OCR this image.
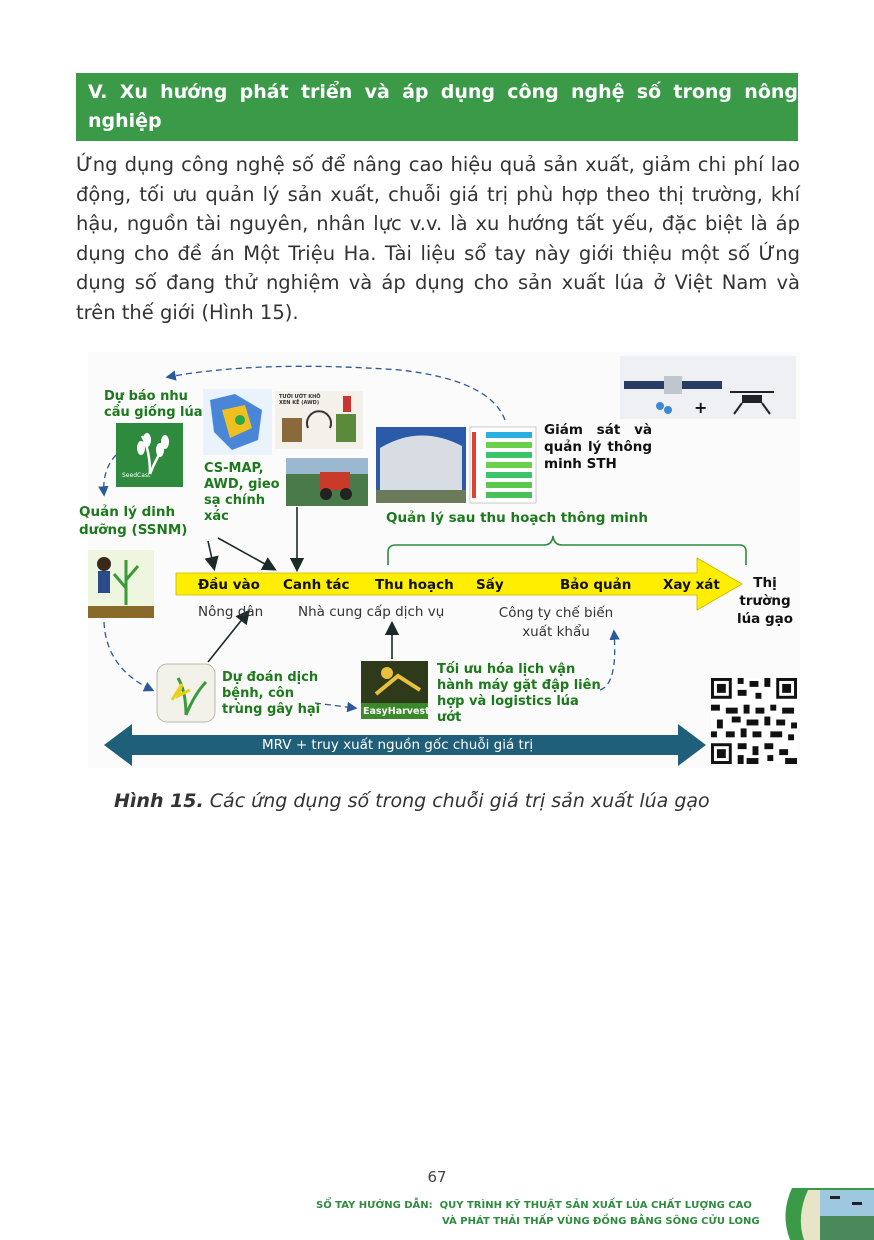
V. Xu hướng phát triển và áp dụng công nghệ số trong nông nghiệp
Ứng dụng công nghệ số để nâng cao hiệu quả sản xuất, giảm chi phí lao động, tối ưu quản lý sản xuất, chuỗi giá trị phù hợp theo thị trường, khí hậu, nguồn tài nguyên, nhân lực v.v. là xu hướng tất yếu, đặc biệt là áp dụng cho đề án Một Triệu Ha. Tài liệu sổ tay này giới thiệu một số Ứng dụng số đang thử nghiệm và áp dụng cho sản xuất lúa ở Việt Nam và trên thế giới (Hình 15).
Dự báo nhu cầu giống lúa
SeedCast
TƯỚI ƯỚT KHÔ XEN KẼ (AWD)
CS-MAP, AWD, gieo sạ chính xác
Giám sát và quản lý thông minh STH
Quản lý dinh dưỡng (SSNM)
Quản lý sau thu hoạch thông minh
+
Đầu vào Canh tác Thu hoạch Sấy	Bảo quản Xay xát	Thị trường lúa gạo
Nông dân	Nhà cung cấp dịch vụ	Công ty chế biến xuất khẩu
Dự đoán dịch bệnh, côn trùng gây hại	EasyHarvest
Tối ưu hóa lịch vận hành máy gặt đập liên hợp và logistics lúa ướt
MRV + truy xuất nguồn gốc chuỗi giá trị
Hình 15. Các ứng dụng số trong chuỗi giá trị sản xuất lúa gạo
67
SỔ TAY HƯỚNG DẪN: QUY TRÌNH KỸ THUẬT SẢN XUẤT LÚA CHẤT LƯỢNG CAO
VÀ PHÁT THẢI THẤP VÙNG ĐỒNG BẰNG SÔNG CỬU LONG
